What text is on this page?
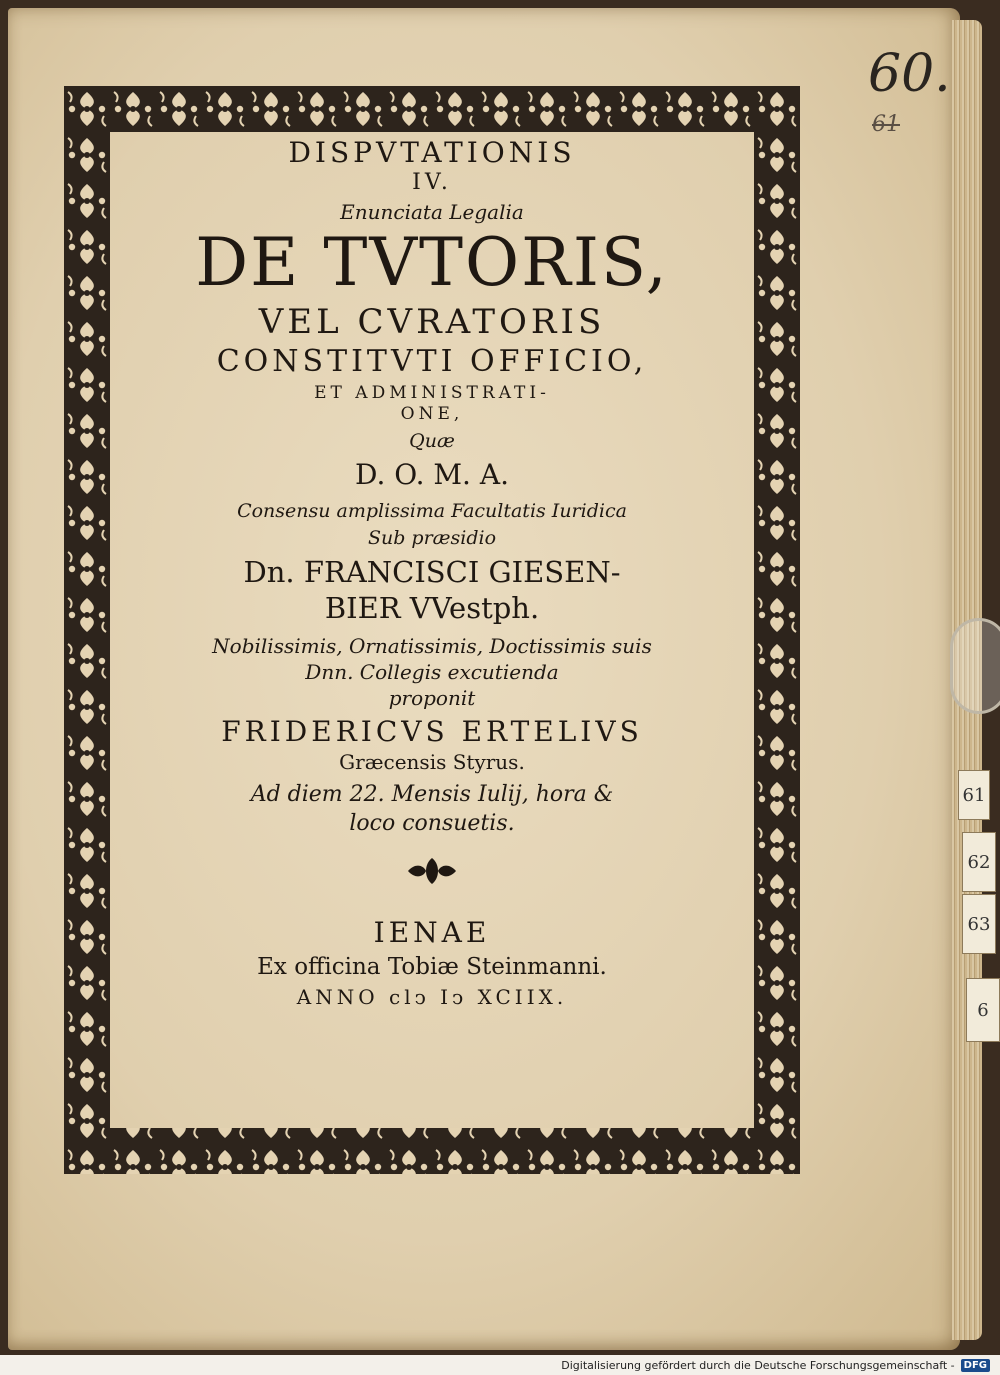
61
62
63
6
60.
61

DISPVTATIONIS

IV.

Enunciata Legalia

DE TVTORIS,

VEL CVRATORIS

CONSTITVTI OFFICIO,

ET ADMINISTRATI-

ONE,

Quæ

D. O. M. A.

Consensu amplissima Facultatis Iuridica

Sub præsidio

Dn. FRANCISCI GIESEN-

BIER VVestph.

Nobilissimis, Ornatissimis, Doctissimis suis

Dnn. Collegis excutienda

proponit

FRIDERICVS ERTELIVS

Græcensis Styrus.

Ad diem 22. Mensis Iulij, hora &

loco consuetis.

IENAE

Ex officina Tobiæ Steinmanni.

ANNO clↄ Iↄ XCIIX.

Digitalisierung gefördert durch die Deutsche Forschungsgemeinschaft - DFG
